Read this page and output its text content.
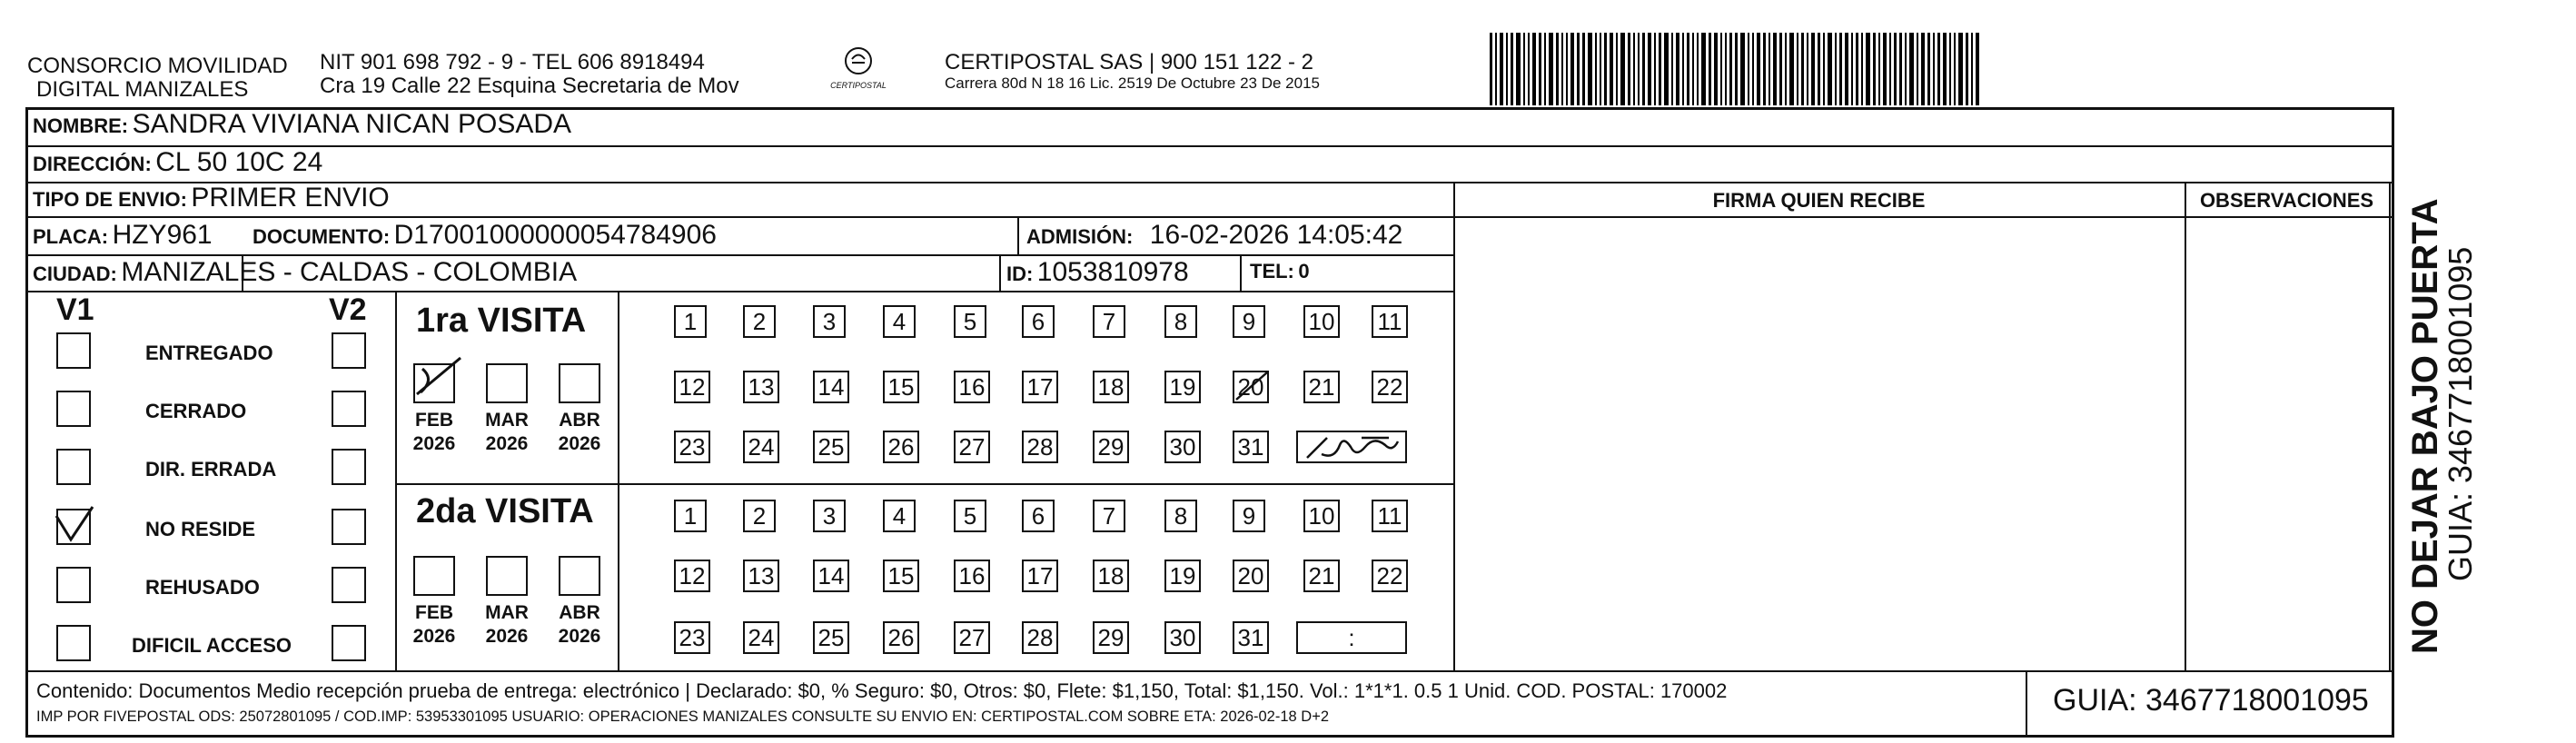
CONSORCIO MOVILIDAD
DIGITAL MANIZALES
NIT 901 698 792 - 9 - TEL 606 8918494
Cra 19 Calle 22 Esquina Secretaria de Mov	CERTIPOSTAL
CERTIPOSTAL SAS | 900 151 122 - 2
Carrera 80d N 18 16 Lic. 2519 De Octubre 23 De 2015
NOMBRE: SANDRA VIVIANA NICAN POSADA
DIRECCIÓN: CL 50 10C 24
TIPO DE ENVIO: PRIMER ENVIO
PLACA: HZY961 DOCUMENTO: D17001000000054784906	ADMISIÓN: 16-02-2026 14:05:42
CIUDAD: MANIZALES - CALDAS - COLOMBIA	ID: 1053810978	TEL: 0
FIRMA QUIEN RECIBE	OBSERVACIONES
V1	V2
ENTREGADO
CERRADO
DIR. ERRADA
NO RESIDE
REHUSADO
DIFICIL ACCESO
1ra VISITA
2da VISITA
FEB
2026
MAR
2026
ABR
2026
FEB
2026
MAR
2026
ABR
2026
1	2	3	4	5	6	7	8	9	10 11
12 13 14 15 16 17 18 19 20 21 22
23 24 25 26 27 28 29 30 31
1	2	3	4	5	6	7	8	9	10 11
12 13 14 15 16 17 18 19 20 21 22
23 24 25 26 27 28 29 30 31	:
Contenido: Documentos Medio recepción prueba de entrega: electrónico | Declarado: $0, % Seguro: $0, Otros: $0, Flete: $1,150, Total: $1,150. Vol.: 1*1*1. 0.5 1 Unid. COD. POSTAL: 170002
IMP POR FIVEPOSTAL ODS: 25072801095 / COD.IMP: 53953301095 USUARIO: OPERACIONES MANIZALES CONSULTE SU ENVIO EN: CERTIPOSTAL.COM SOBRE ETA: 2026-02-18 D+2	GUIA: 3467718001095
NO DEJAR BAJO PUERTA
GUIA: 3467718001095
